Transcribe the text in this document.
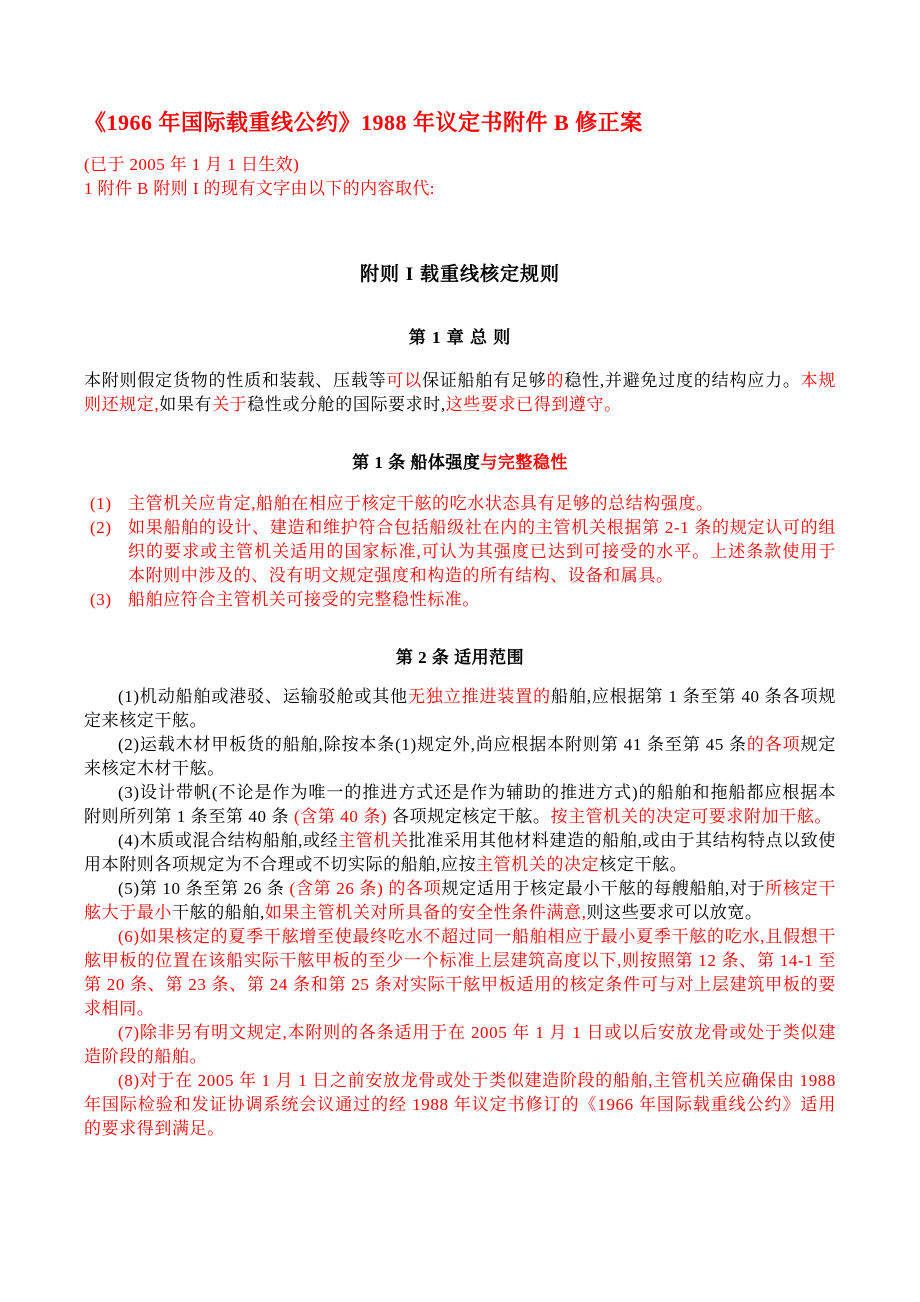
《1966 年国际载重线公约》1988 年议定书附件 B 修正案

(已于 2005 年 1 月 1 日生效)

1 附件 B 附则 I 的现有文字由以下的内容取代:

附则 I 载重线核定规则
第 1 章 总 则

本附则假定货物的性质和装载、压载等可以保证船舶有足够的稳性,并避免过度的结构应力。本规则还规定,如果有关于稳性或分舱的国际要求时,这些要求已得到遵守。

第 1 条 船体强度与完整稳性
(1) 主管机关应肯定,船舶在相应于核定干舷的吃水状态具有足够的总结构强度。
(2) 如果船舶的设计、建造和维护符合包括船级社在内的主管机关根据第 2-1 条的规定认可的组织的要求或主管机关适用的国家标准,可认为其强度已达到可接受的水平。上述条款使用于本附则中涉及的、没有明文规定强度和构造的所有结构、设备和属具。
(3) 船舶应符合主管机关可接受的完整稳性标准。
第 2 条 适用范围

(1)机动船舶或港驳、运输驳舱或其他无独立推进装置的船舶,应根据第 1 条至第 40 条各项规定来核定干舷。

(2)运载木材甲板货的船舶,除按本条(1)规定外,尚应根据本附则第 41 条至第 45 条的各项规定来核定木材干舷。

(3)设计带帆(不论是作为唯一的推进方式还是作为辅助的推进方式)的船舶和拖船都应根据本附则所列第 1 条至第 40 条 (含第 40 条) 各项规定核定干舷。按主管机关的决定可要求附加干舷。

(4)木质或混合结构船舶,或经主管机关批准采用其他材料建造的船舶,或由于其结构特点以致使用本附则各项规定为不合理或不切实际的船舶,应按主管机关的决定核定干舷。

(5)第 10 条至第 26 条 (含第 26 条) 的各项规定适用于核定最小干舷的每艘船舶,对于所核定干舷大于最小干舷的船舶,如果主管机关对所具备的安全性条件满意,则这些要求可以放宽。

(6)如果核定的夏季干舷增至使最终吃水不超过同一船舶相应于最小夏季干舷的吃水,且假想干舷甲板的位置在该船实际干舷甲板的至少一个标准上层建筑高度以下,则按照第 12 条、第 14-1 至第 20 条、第 23 条、第 24 条和第 25 条对实际干舷甲板适用的核定条件可与对上层建筑甲板的要求相同。

(7)除非另有明文规定,本附则的各条适用于在 2005 年 1 月 1 日或以后安放龙骨或处于类似建造阶段的船舶。

(8)对于在 2005 年 1 月 1 日之前安放龙骨或处于类似建造阶段的船舶,主管机关应确保由 1988 年国际检验和发证协调系统会议通过的经 1988 年议定书修订的《1966 年国际载重线公约》适用的要求得到满足。
